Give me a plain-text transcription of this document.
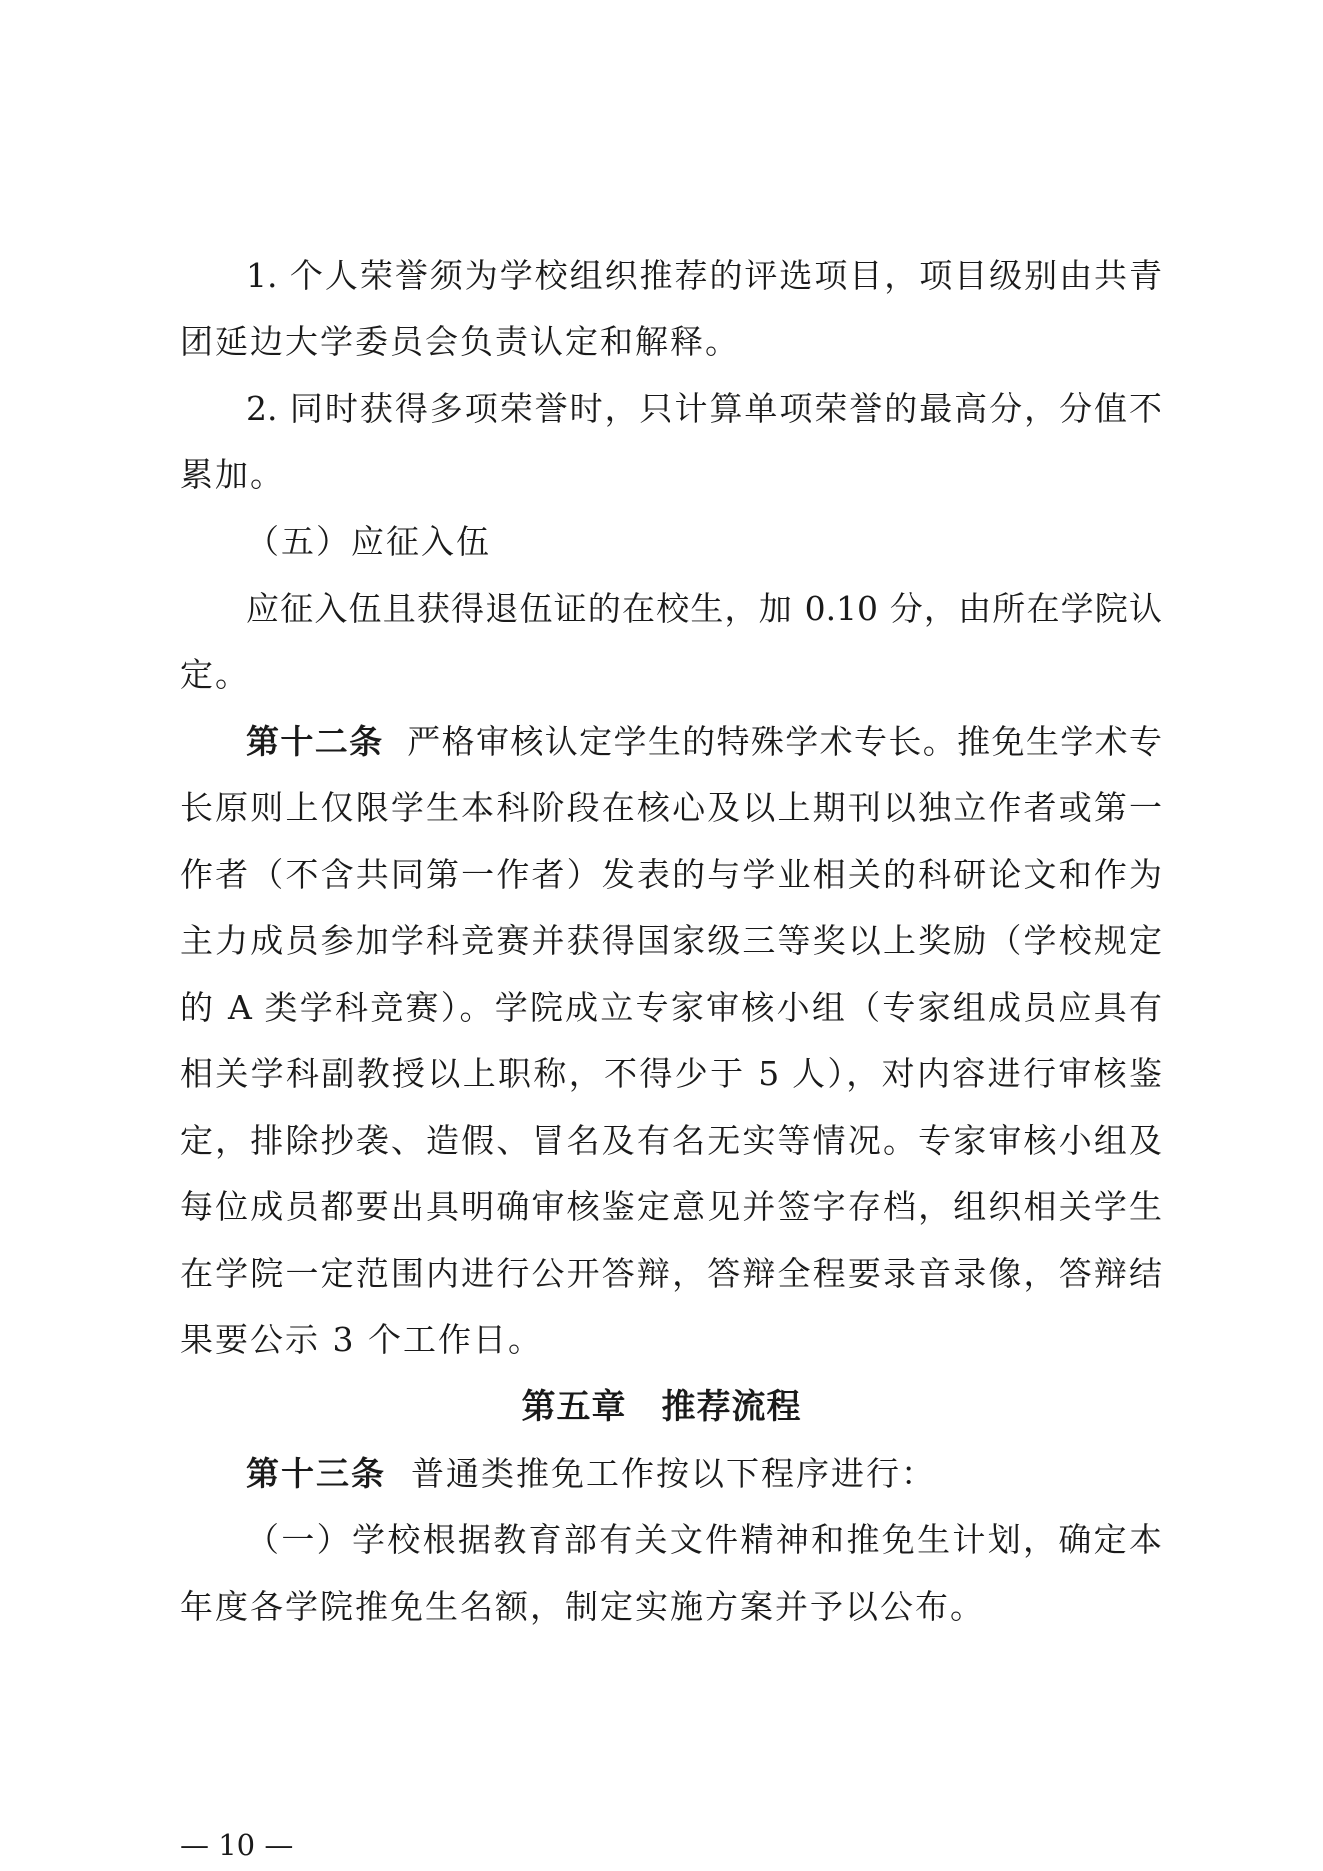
1. 个人荣誉须为学校组织推荐的评选项目，项目级别由共青
团延边大学委员会负责认定和解释。
2. 同时获得多项荣誉时，只计算单项荣誉的最高分，分值不
累加。
（五）应征入伍
应征入伍且获得退伍证的在校生，加 0.10 分，由所在学院认
定。
第十二条 严格审核认定学生的特殊学术专长。推免生学术专
长原则上仅限学生本科阶段在核心及以上期刊以独立作者或第一
作者（不含共同第一作者）发表的与学业相关的科研论文和作为
主力成员参加学科竞赛并获得国家级三等奖以上奖励（学校规定
的 A 类学科竞赛）。学院成立专家审核小组（专家组成员应具有
相关学科副教授以上职称，不得少于 5 人），对内容进行审核鉴
定，排除抄袭、造假、冒名及有名无实等情况。专家审核小组及
每位成员都要出具明确审核鉴定意见并签字存档，组织相关学生
在学院一定范围内进行公开答辩，答辩全程要录音录像，答辩结
果要公示 3 个工作日。
第五章　推荐流程
第十三条 普通类推免工作按以下程序进行：
（一）学校根据教育部有关文件精神和推免生计划，确定本
年度各学院推免生名额，制定实施方案并予以公布。
— 10 —
